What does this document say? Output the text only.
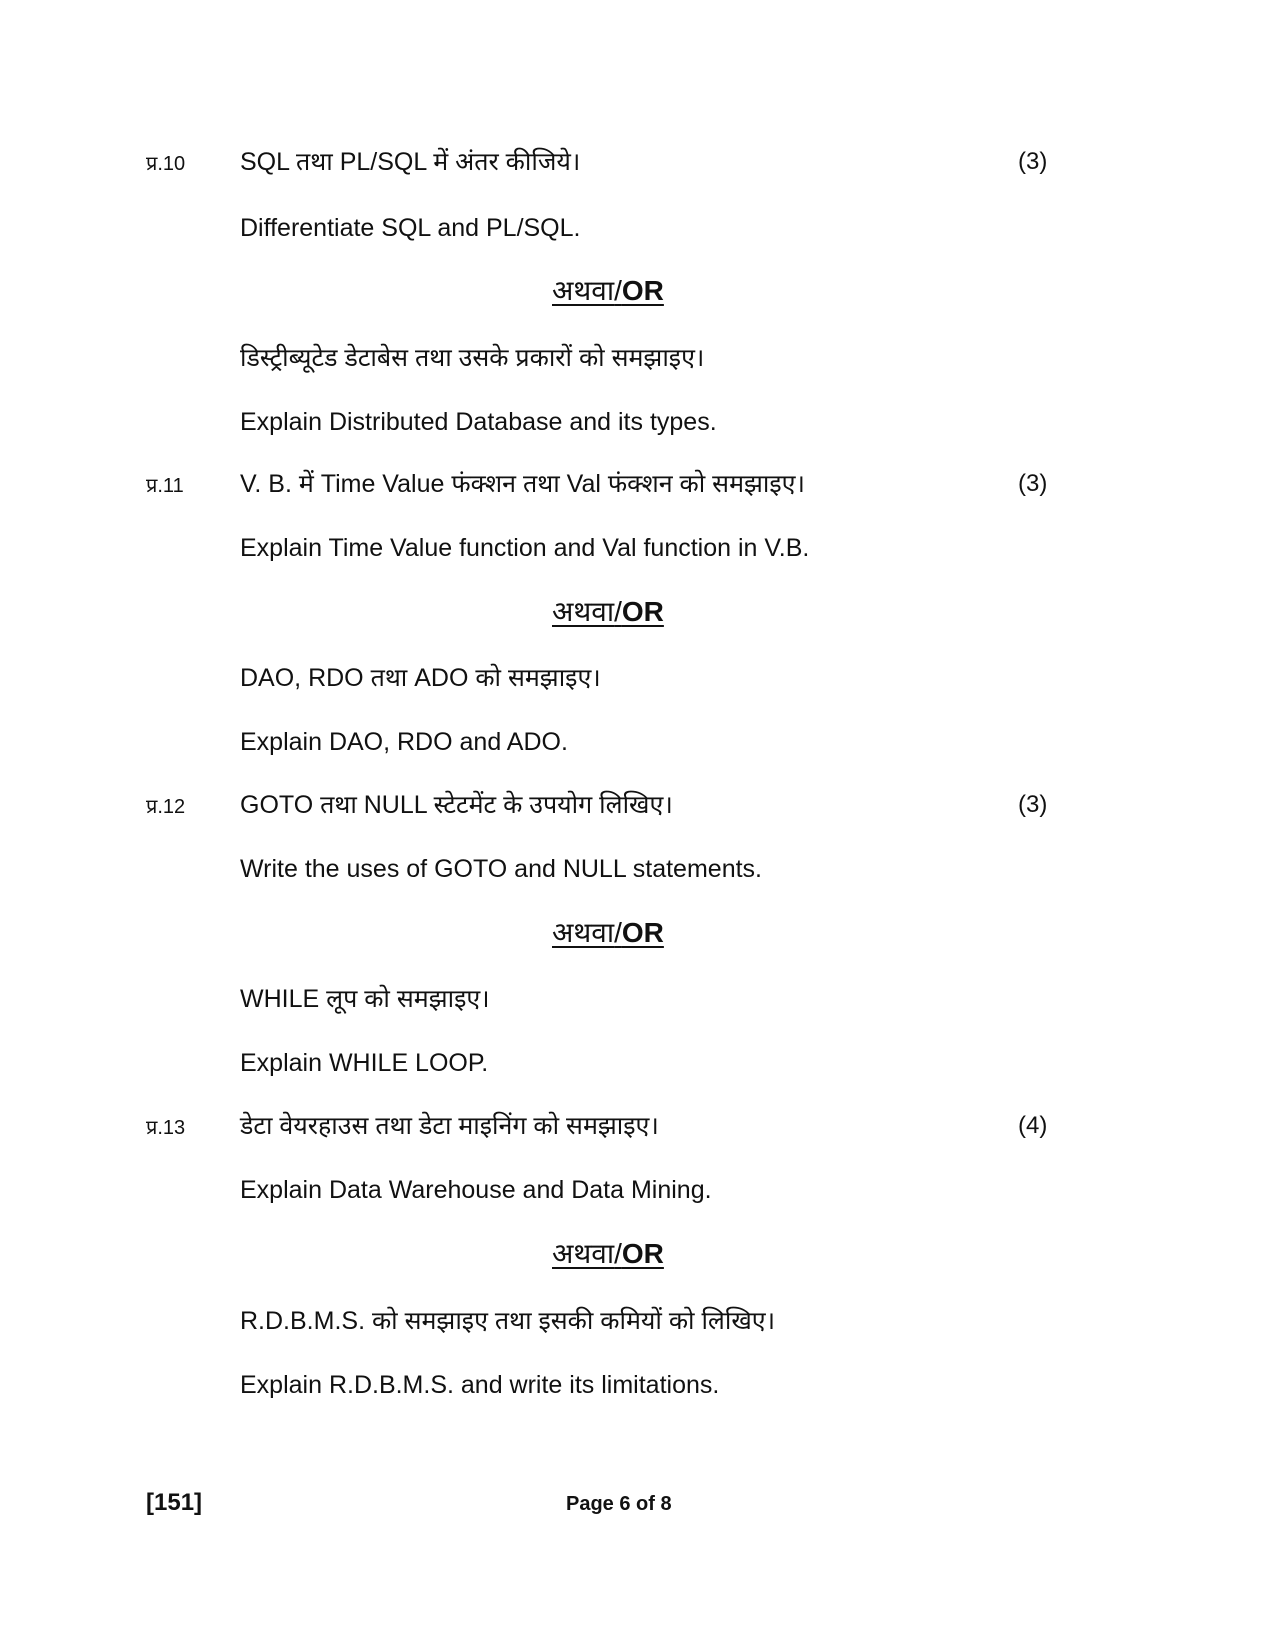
प्र.10 SQL तथा PL/SQL में अंतर कीजिये।	(3)
Differentiate SQL and PL/SQL.
अथवा/OR
डिस्ट्रीब्यूटेड डेटाबेस तथा उसके प्रकारों को समझाइए।
Explain Distributed Database and its types.
प्र.11 V. B. में Time Value फंक्शन तथा Val फंक्शन को समझाइए।	(3)
Explain Time Value function and Val function in V.B.
अथवा/OR
DAO, RDO तथा ADO को समझाइए।
Explain DAO, RDO and ADO.
प्र.12 GOTO तथा NULL स्टेटमेंट के उपयोग लिखिए।	(3)
Write the uses of GOTO and NULL statements.
अथवा/OR
WHILE लूप को समझाइए।
Explain WHILE LOOP.
प्र.13 डेटा वेयरहाउस तथा डेटा माइनिंग को समझाइए।	(4)
Explain Data Warehouse and Data Mining.
अथवा/OR
R.D.B.M.S. को समझाइए तथा इसकी कमियों को लिखिए।
Explain R.D.B.M.S. and write its limitations.
[151]	Page 6 of 8
